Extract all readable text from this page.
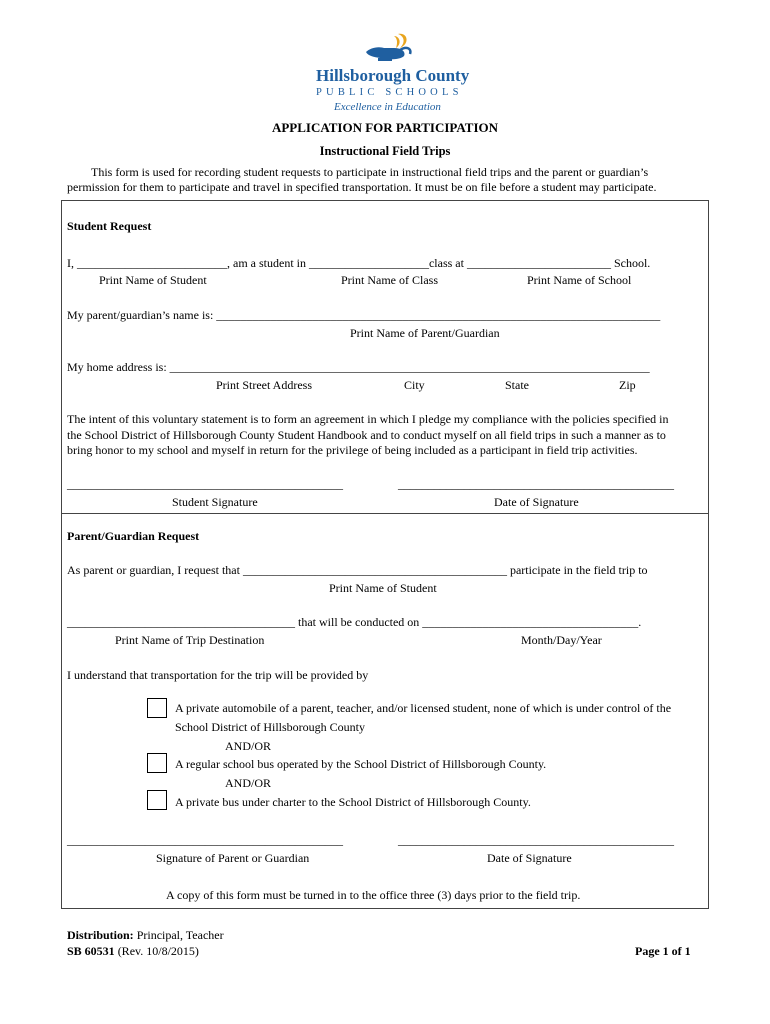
Hillsborough County
PUBLIC SCHOOLS
Excellence in Education
APPLICATION FOR PARTICIPATION
Instructional Field Trips
This form is used for recording student requests to participate in instructional field trips and the parent or guardian’s
permission for them to participate and travel in specified transportation. It must be on file before a student may participate.
Student Request
I, _________________________, am a student in ____________________class at ________________________ School.
Print Name of Student	Print Name of Class	Print Name of School
My parent/guardian’s name is: __________________________________________________________________________
Print Name of Parent/Guardian
My home address is: ________________________________________________________________________________
Print Street Address	City	State	Zip
The intent of this voluntary statement is to form an agreement in which I pledge my compliance with the policies specified in
the School District of Hillsborough County Student Handbook and to conduct myself on all field trips in such a manner as to
bring honor to my school and myself in return for the privilege of being included as a participant in field trip activities.
______________________________________________	______________________________________________
Student Signature	Date of Signature
Parent/Guardian Request
As parent or guardian, I request that ____________________________________________ participate in the field trip to
Print Name of Student
______________________________________ that will be conducted on ____________________________________.
Print Name of Trip Destination	Month/Day/Year
I understand that transportation for the trip will be provided by
A private automobile of a parent, teacher, and/or licensed student, none of which is under control of the
School District of Hillsborough County
AND/OR
A regular school bus operated by the School District of Hillsborough County.
AND/OR
A private bus under charter to the School District of Hillsborough County.
______________________________________________	______________________________________________
Signature of Parent or Guardian	Date of Signature
A copy of this form must be turned in to the office three (3) days prior to the field trip.
Distribution: Principal, Teacher
SB 60531 (Rev. 10/8/2015)	Page 1 of 1
